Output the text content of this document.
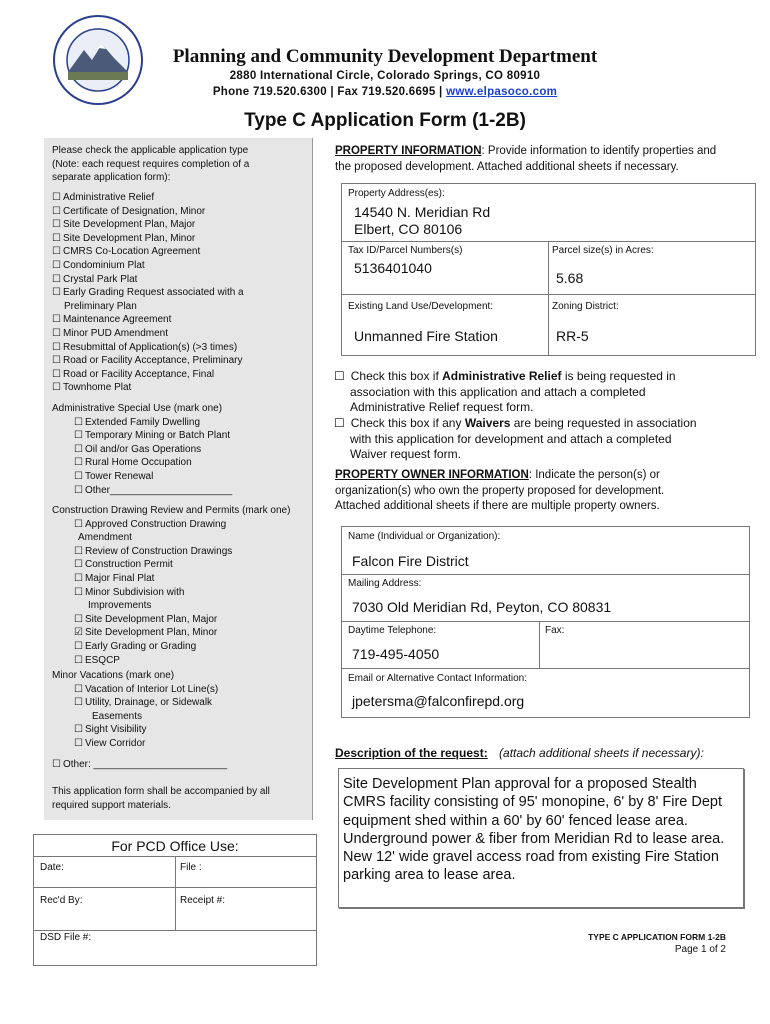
Planning and Community Development Department
2880 International Circle, Colorado Springs, CO 80910
Phone 719.520.6300 | Fax 719.520.6695 | www.elpasoco.com
Type C Application Form (1-2B)
Please check the applicable application type
(Note: each request requires completion of a
separate application form):
☐ Administrative Relief
☐ Certificate of Designation, Minor
☐ Site Development Plan, Major
☐ Site Development Plan, Minor
☐ CMRS Co-Location Agreement
☐ Condominium Plat
☐ Crystal Park Plat
☐ Early Grading Request associated with a
Preliminary Plan
☐ Maintenance Agreement
☐ Minor PUD Amendment
☐ Resubmittal of Application(s) (>3 times)
☐ Road or Facility Acceptance, Preliminary
☐ Road or Facility Acceptance, Final
☐ Townhome Plat
Administrative Special Use (mark one)
☐ Extended Family Dwelling
☐ Temporary Mining or Batch Plant
☐ Oil and/or Gas Operations
☐ Rural Home Occupation
☐ Tower Renewal
☐ Other______________________
Construction Drawing Review and Permits (mark one)
☐ Approved Construction Drawing
Amendment
☐ Review of Construction Drawings
☐ Construction Permit
☐ Major Final Plat
☐ Minor Subdivision with
Improvements
☐ Site Development Plan, Major
☑ Site Development Plan, Minor
☐ Early Grading or Grading
☐ ESQCP
Minor Vacations (mark one)
☐ Vacation of Interior Lot Line(s)
☐ Utility, Drainage, or Sidewalk
Easements
☐ Sight Visibility
☐ View Corridor
☐ Other: ________________________
This application form shall be accompanied by all
required support materials.
For PCD Office Use:
Date:	File :
Rec'd By:	Receipt #:
DSD File #:
PROPERTY INFORMATION: Provide information to identify properties and
the proposed development. Attached additional sheets if necessary.
Property Address(es):
14540 N. Meridian Rd
Elbert, CO 80106
Tax ID/Parcel Numbers(s)
5136401040
Parcel size(s) in Acres:
5.68
Existing Land Use/Development:
Unmanned Fire Station
Zoning District:
RR-5
☐ Check this box if Administrative Relief is being requested in
association with this application and attach a completed
Administrative Relief request form.
☐ Check this box if any Waivers are being requested in association
with this application for development and attach a completed
Waiver request form.
PROPERTY OWNER INFORMATION: Indicate the person(s) or
organization(s) who own the property proposed for development.
Attached additional sheets if there are multiple property owners.
Name (Individual or Organization):
Falcon Fire District
Mailing Address:
7030 Old Meridian Rd, Peyton, CO 80831
Daytime Telephone:
719-495-4050
Fax:
Email or Alternative Contact Information:
jpetersma@falconfirepd.org
Description of the request: (attach additional sheets if necessary):
Site Development Plan approval for a proposed Stealth
CMRS facility consisting of 95' monopine, 6' by 8' Fire Dept
equipment shed within a 60' by 60' fenced lease area.
Underground power & fiber from Meridian Rd to lease area.
New 12' wide gravel access road from existing Fire Station
parking area to lease area.
TYPE C APPLICATION FORM 1-2B
Page 1 of 2
